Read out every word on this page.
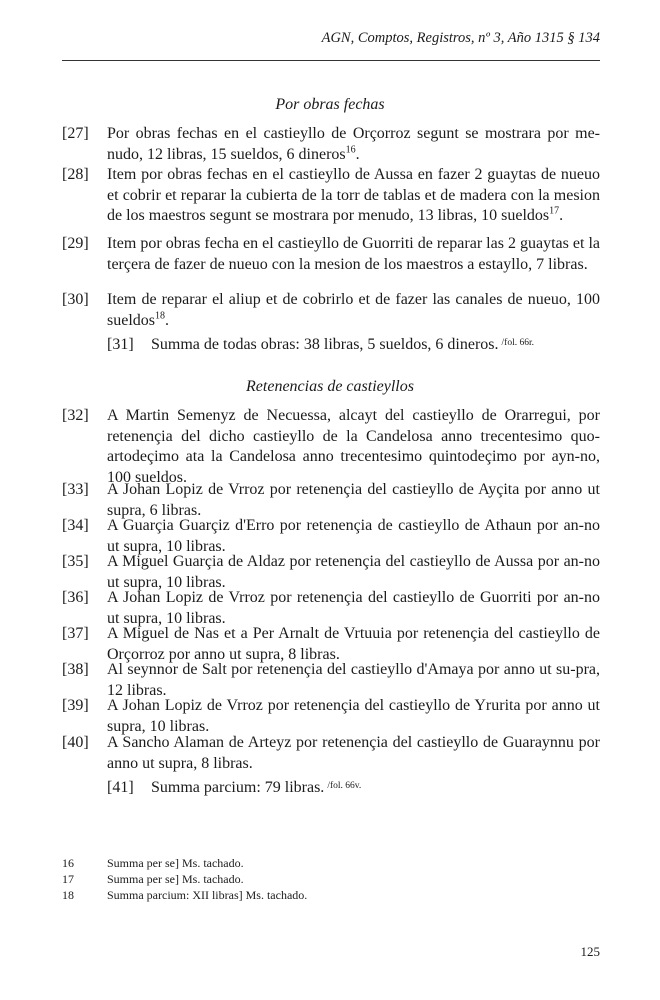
AGN, Comptos, Registros, nº 3, Año 1315 § 134
Por obras fechas
[27]	Por obras fechas en el castieyllo de Orçorroz segunt se mostrara por me-nudo, 12 libras, 15 sueldos, 6 dineros$^{16}$.
[28]	Item por obras fechas en el castieyllo de Aussa en fazer 2 guaytas de nueuo et cobrir et reparar la cubierta de la torr de tablas et de madera con la mesion de los maestros segunt se mostrara por menudo, 13 libras, 10 sueldos$^{17}$.
[29]	Item por obras fecha en el castieyllo de Guorriti de reparar las 2 guaytas et la terçera de fazer de nueuo con la mesion de los maestros a estayllo, 7 libras.
[30]	Item de reparar el aliup et de cobrirlo et de fazer las canales de nueuo, 100 sueldos$^{18}$.
[31] Summa de todas obras: 38 libras, 5 sueldos, 6 dineros. $^{/fol. 66r.}$
Retenencias de castieyllos
[32]	A Martin Semenyz de Necuessa, alcayt del castieyllo de Orarregui, por retenençia del dicho castieyllo de la Candelosa anno trecentesimo quo-artodeçimo ata la Candelosa anno trecentesimo quintodeçimo por ayn-no, 100 sueldos.
[33]	A Johan Lopiz de Vrroz por retenençia del castieyllo de Ayçita por anno ut supra, 6 libras.
[34]	A Guarçia Guarçiz d'Erro por retenençia de castieyllo de Athaun por an-no ut supra, 10 libras.
[35]	A Miguel Guarçia de Aldaz por retenençia del castieyllo de Aussa por an-no ut supra, 10 libras.
[36]	A Johan Lopiz de Vrroz por retenençia del castieyllo de Guorriti por an-no ut supra, 10 libras.
[37]	A Miguel de Nas et a Per Arnalt de Vrtuuia por retenençia del castieyllo de Orçorroz por anno ut supra, 8 libras.
[38]	Al seynnor de Salt por retenençia del castieyllo d'Amaya por anno ut su-pra, 12 libras.
[39]	A Johan Lopiz de Vrroz por retenençia del castieyllo de Yrurita por anno ut supra, 10 libras.
[40]	A Sancho Alaman de Arteyz por retenençia del castieyllo de Guaraynnu por anno ut supra, 8 libras.
[41] Summa parcium: 79 libras. $^{/fol. 66v.}$
16	Summa per se] Ms. tachado.
17	Summa per se] Ms. tachado.
18	Summa parcium: XII libras] Ms. tachado.
125
